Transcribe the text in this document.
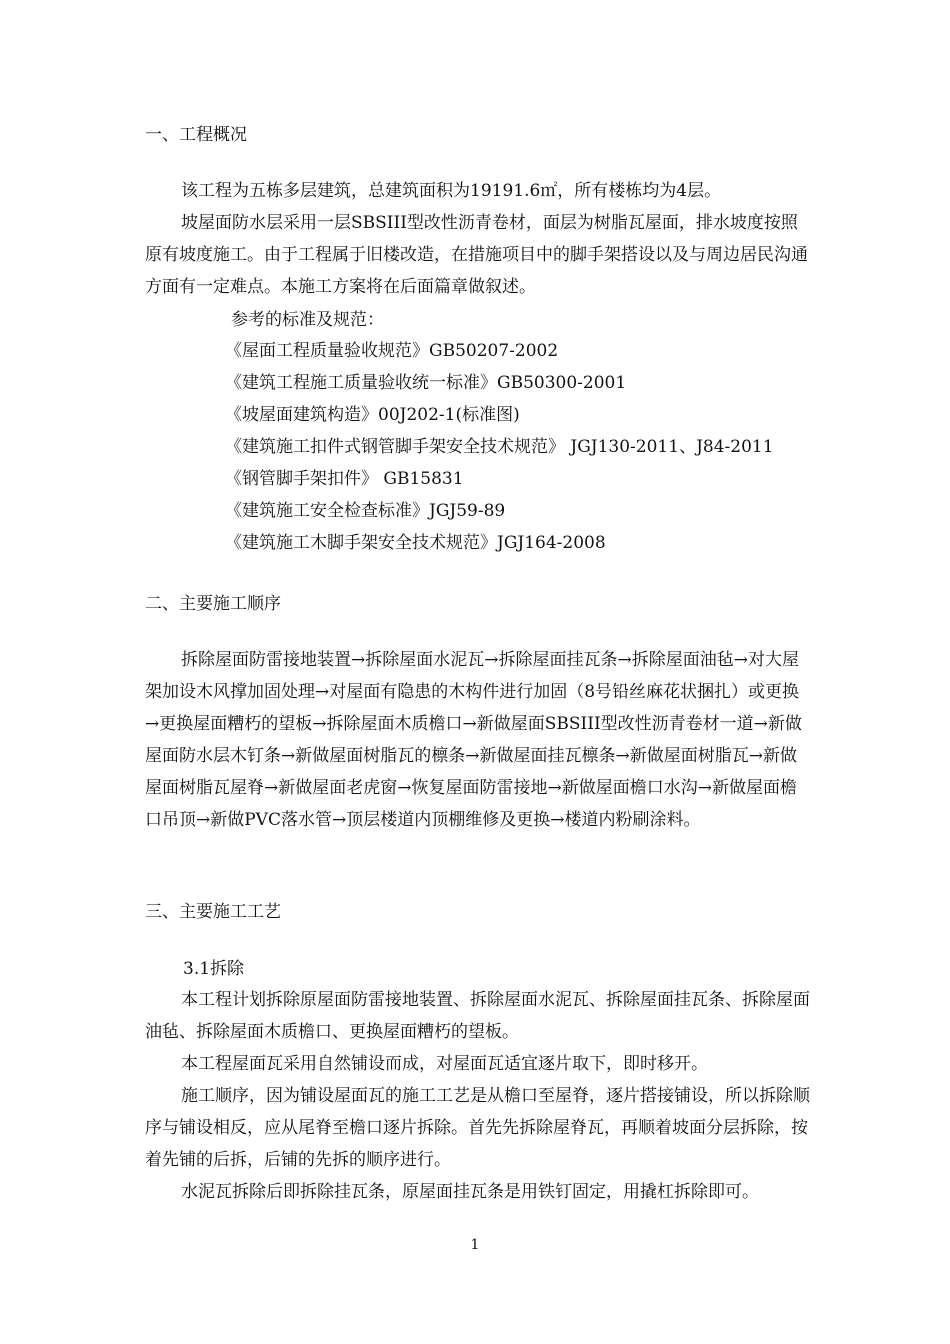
一、工程概况

该工程为五栋多层建筑，总建筑面积为19191.6㎡，所有楼栋均为4层。

坡屋面防水层采用一层SBSIII型改性沥青卷材，面层为树脂瓦屋面，排水坡度按照原有坡度施工。由于工程属于旧楼改造，在措施项目中的脚手架搭设以及与周边居民沟通方面有一定难点。本施工方案将在后面篇章做叙述。

参考的标准及规范：
《屋面工程质量验收规范》GB50207-2002
《建筑工程施工质量验收统一标准》GB50300-2001
《坡屋面建筑构造》00J202-1(标准图)
《建筑施工扣件式钢管脚手架安全技术规范》 JGJ130-2011、J84-2011
《钢管脚手架扣件》 GB15831
《建筑施工安全检查标准》JGJ59-89
《建筑施工木脚手架安全技术规范》JGJ164-2008
二、主要施工顺序

拆除屋面防雷接地装置→拆除屋面水泥瓦→拆除屋面挂瓦条→拆除屋面油毡→对大屋架加设木风撑加固处理→对屋面有隐患的木构件进行加固（8号铅丝麻花状捆扎）或更换→更换屋面糟朽的望板→拆除屋面木质檐口→新做屋面SBSIII型改性沥青卷材一道→新做屋面防水层木钉条→新做屋面树脂瓦的檩条→新做屋面挂瓦檩条→新做屋面树脂瓦→新做屋面树脂瓦屋脊→新做屋面老虎窗→恢复屋面防雷接地→新做屋面檐口水沟→新做屋面檐口吊顶→新做PVC落水管→顶层楼道内顶棚维修及更换→楼道内粉刷涂料。

三、主要施工工艺
3.1拆除

本工程计划拆除原屋面防雷接地装置、拆除屋面水泥瓦、拆除屋面挂瓦条、拆除屋面油毡、拆除屋面木质檐口、更换屋面糟朽的望板。

本工程屋面瓦采用自然铺设而成，对屋面瓦适宜逐片取下，即时移开。

施工顺序，因为铺设屋面瓦的施工工艺是从檐口至屋脊，逐片搭接铺设，所以拆除顺序与铺设相反，应从尾脊至檐口逐片拆除。首先先拆除屋脊瓦，再顺着坡面分层拆除，按着先铺的后拆，后铺的先拆的顺序进行。

水泥瓦拆除后即拆除挂瓦条，原屋面挂瓦条是用铁钉固定，用撬杠拆除即可。

1
